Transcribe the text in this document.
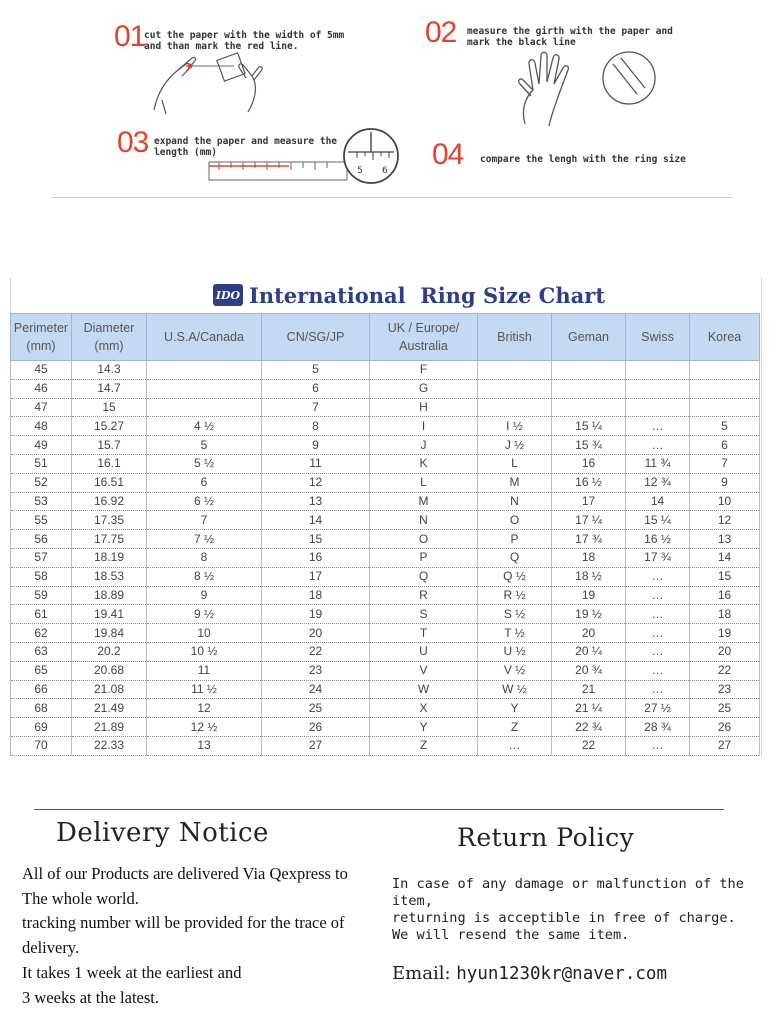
01
cut the paper with the width of 5mm and than mark the red line.	02 measure the girth with the paper and mark the black line
03 expand the paper and measure the length (mm)
5 6 04 compare the lengh with the ring size
IDO International  Ring Size Chart
Perimeter (mm)	Diameter (mm)	U.S.A/Canada	CN/SG/JP	UK / Europe/ Australia	British	Geman	Swiss	Korea
45	14.3		5	F				
46	14.7		6	G				
47	15		7	H				
48	15.27	4 ½	8	I	I ½	15 ¼	…	5
49	15.7	5	9	J	J ½	15 ¾	…	6
51	16.1	5 ½	11	K	L	16	11 ¾	7
52	16.51	6	12	L	M	16 ½	12 ¾	9
53	16.92	6 ½	13	M	N	17	14	10
55	17.35	7	14	N	O	17 ¼	15 ¼	12
56	17.75	7 ½	15	O	P	17 ¾	16 ½	13
57	18.19	8	16	P	Q	18	17 ¾	14
58	18.53	8 ½	17	Q	Q ½	18 ½	…	15
59	18.89	9	18	R	R ½	19	…	16
61	19.41	9 ½	19	S	S ½	19 ½	…	18
62	19.84	10	20	T	T ½	20	…	19
63	20.2	10 ½	22	U	U ½	20 ¼	…	20
65	20.68	11	23	V	V ½	20 ¾	…	22
66	21.08	11 ½	24	W	W ½	21	…	23
68	21.49	12	25	X	Y	21 ¼	27 ½	25
69	21.89	12 ½	26	Y	Z	22 ¾	28 ¾	26
70	22.33	13	27	Z	…	22	…	27
Delivery Notice
All of our Products are delivered Via Qexpress to
The whole world.
tracking number will be provided for the trace of
delivery.
It takes 1 week at the earliest and
3 weeks at the latest.
Return Policy
In case of any damage or malfunction of the item,
returning is acceptible in free of charge.
We will resend the same item.
Email: hyun1230kr@naver.com
